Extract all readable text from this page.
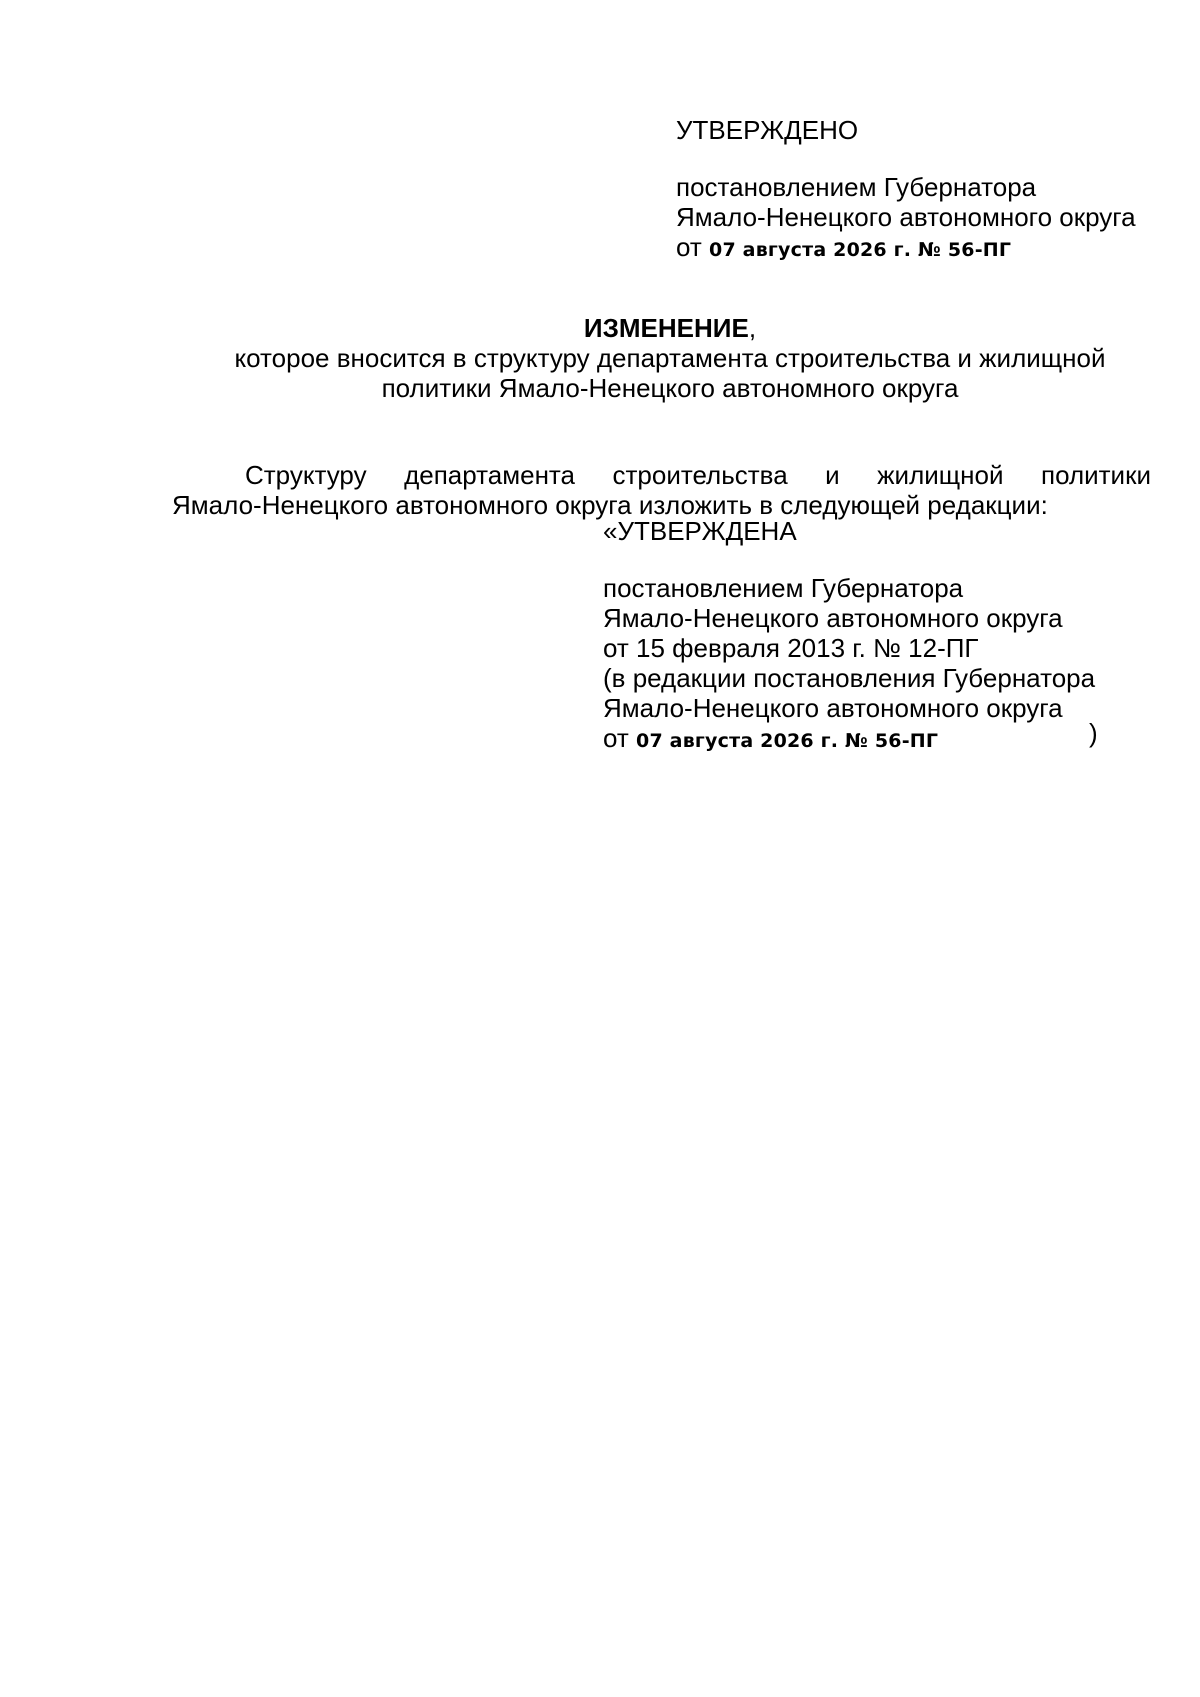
УТВЕРЖДЕНО
постановлением Губернатора
Ямало-Ненецкого автономного округа
от 07 августа 2026 г. № 56-ПГ
ИЗМЕНЕНИЕ,
которое вносится в структуру департамента строительства и жилищной
политики Ямало-Ненецкого автономного округа
Структуру департамента строительства и жилищной политики
Ямало-Ненецкого автономного округа изложить в следующей редакции:
«УТВЕРЖДЕНА
постановлением Губернатора
Ямало-Ненецкого автономного округа
от 15 февраля 2013 г. № 12-ПГ
(в редакции постановления Губернатора
Ямало-Ненецкого автономного округа
от 07 августа 2026 г. № 56-ПГ	)
